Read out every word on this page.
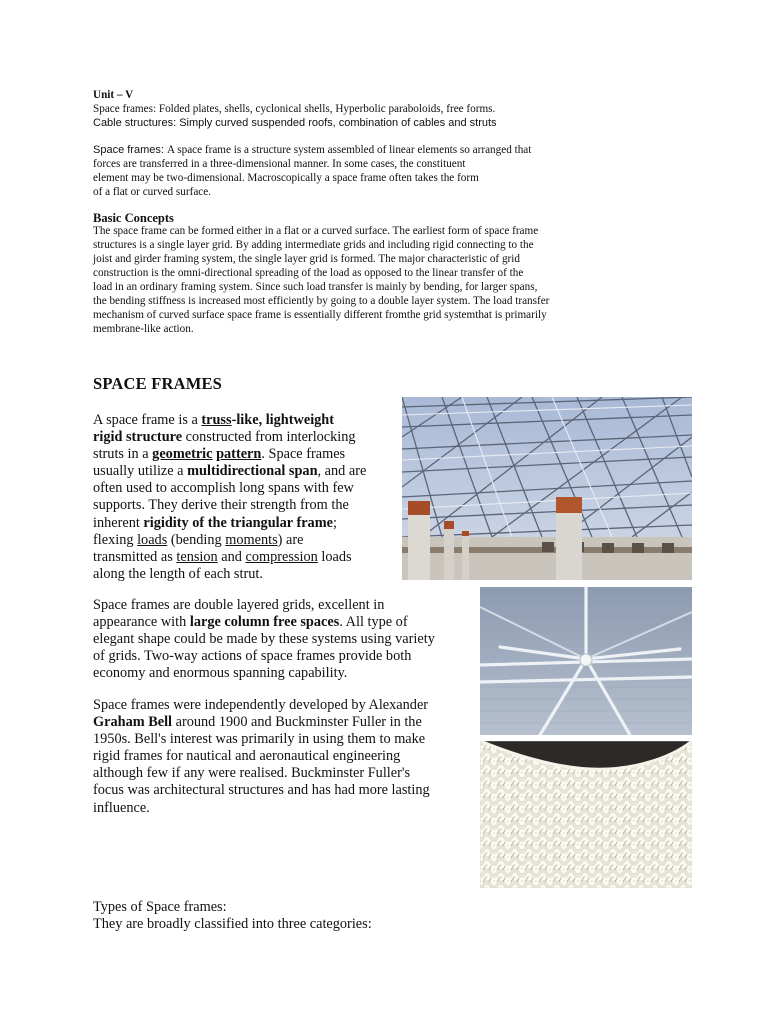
Unit – V
Space frames: Folded plates, shells, cyclonical shells, Hyperbolic paraboloids, free forms.
Cable structures: Simply curved suspended roofs, combination of cables and struts
Space frames: A space frame is a structure system assembled of linear elements so arranged that
forces are transferred in a three-dimensional manner. In some cases, the constituent
element may be two-dimensional. Macroscopically a space frame often takes the form
of a flat or curved surface.
Basic Concepts
The space frame can be formed either in a flat or a curved surface. The earliest form of space frame
structures is a single layer grid. By adding intermediate grids and including rigid connecting to the
joist and girder framing system, the single layer grid is formed. The major characteristic of grid
construction is the omni-directional spreading of the load as opposed to the linear transfer of the
load in an ordinary framing system. Since such load transfer is mainly by bending, for larger spans,
the bending stiffness is increased most efficiently by going to a double layer system. The load transfer
mechanism of curved surface space frame is essentially different fromthe grid systemthat is primarily
membrane-like action.
SPACE FRAMES
A space frame is a truss-like, lightweight
rigid structure constructed from interlocking
struts in a geometric pattern. Space frames
usually utilize a multidirectional span, and are
often used to accomplish long spans with few
supports. They derive their strength from the
inherent rigidity of the triangular frame;
flexing loads (bending moments) are
transmitted as tension and compression loads
along the length of each strut.
Space frames are double layered grids, excellent in
appearance with large column free spaces. All type of
elegant shape could be made by these systems using variety
of grids. Two-way actions of space frames provide both
economy and enormous spanning capability.
Space frames were independently developed by Alexander
Graham Bell around 1900 and Buckminster Fuller in the
1950s. Bell's interest was primarily in using them to make
rigid frames for nautical and aeronautical engineering
although few if any were realised. Buckminster Fuller's
focus was architectural structures and has had more lasting
influence.
Types of Space frames:
They are broadly classified into three categories:
